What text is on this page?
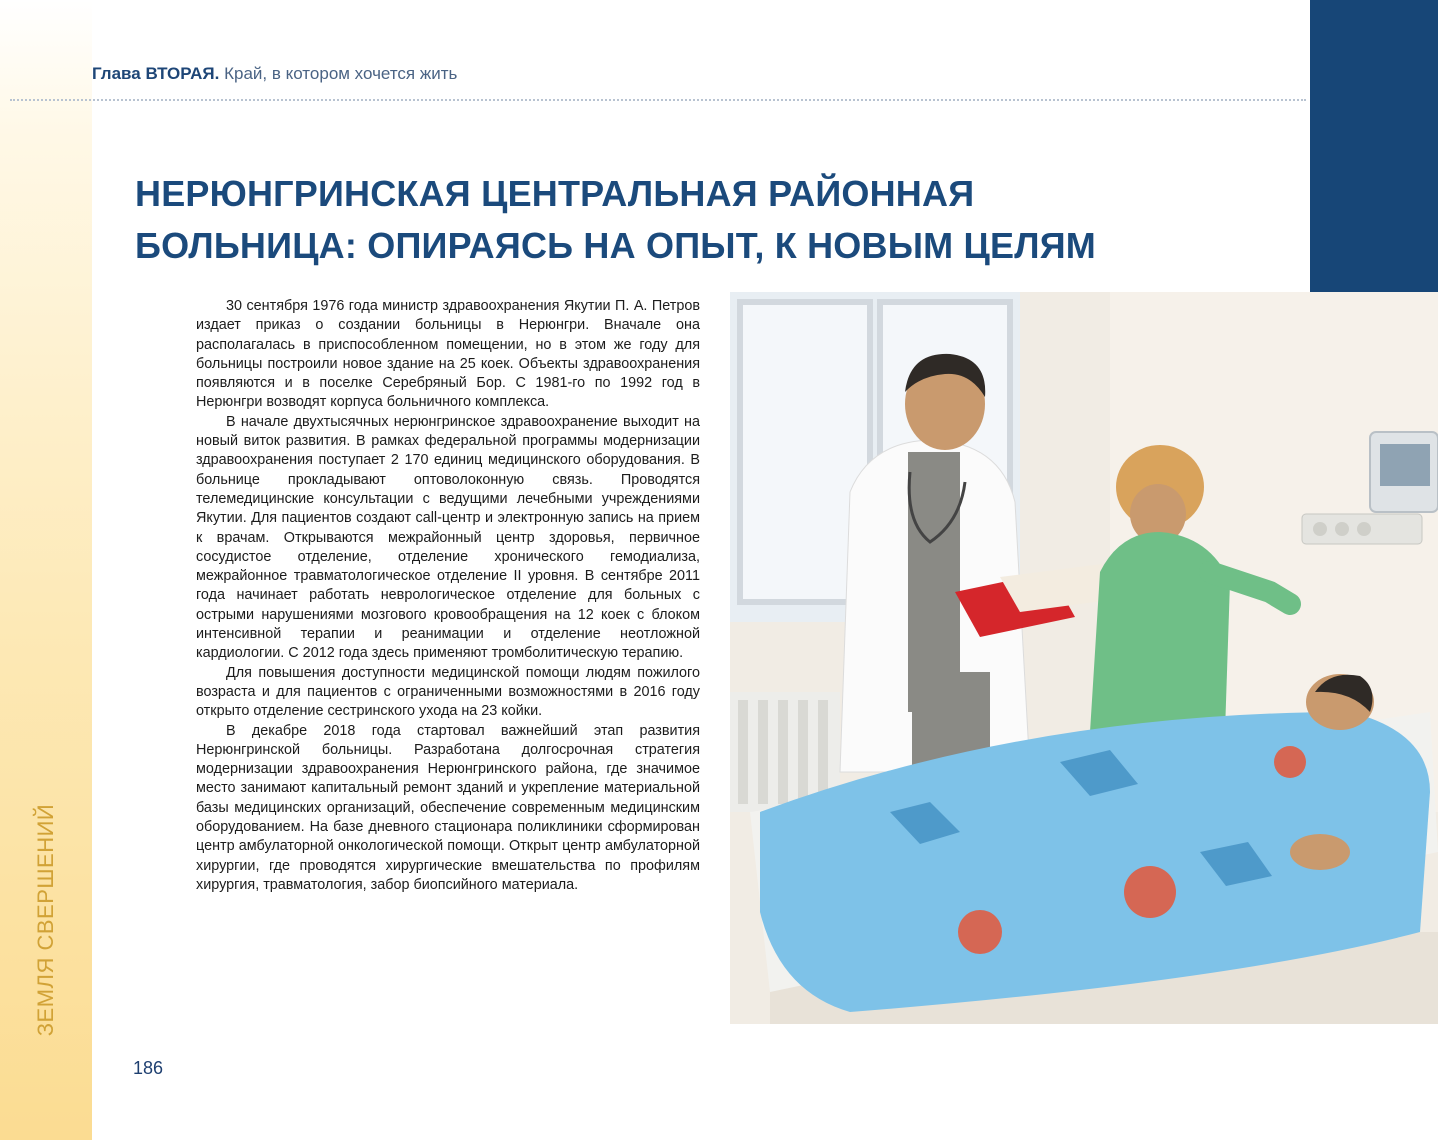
ЗЕМЛЯ СВЕРШЕНИЙ
186
Глава ВТОРАЯ. Край, в котором хочется жить
НЕРЮНГРИНСКАЯ ЦЕНТРАЛЬНАЯ РАЙОННАЯ
БОЛЬНИЦА: ОПИРАЯСЬ НА ОПЫТ, К НОВЫМ ЦЕЛЯМ

30 сентября 1976 года министр здравоохранения Якутии П. А. Петров издает приказ о создании больницы в Нерюнгри. Вначале она располагалась в приспособленном помещении, но в этом же году для больницы построили новое здание на 25 коек. Объекты здравоохранения появляются и в поселке Серебряный Бор. С 1981-го по 1992 год в Нерюнгри возводят корпуса больничного комплекса.

В начале двухтысячных нерюнгринское здравоохранение выходит на новый виток развития. В рамках федеральной программы модернизации здравоохранения поступает 2 170 единиц медицинского оборудования. В больнице прокладывают оптоволоконную связь. Проводятся телемедицинские консультации с ведущими лечебными учреждениями Якутии. Для пациентов создают call-центр и электронную запись на прием к врачам. Открываются межрайонный центр здоровья, первичное сосудистое отделение, отделение хронического гемодиализа, межрайонное травматологическое отделение II уровня. В сентябре 2011 года начинает работать неврологическое отделение для больных с острыми нарушениями мозгового кровообращения на 12 коек с блоком интенсивной терапии и реанимации и отделение неотложной кардиологии. С 2012 года здесь применяют тромболитическую терапию.

Для повышения доступности медицинской помощи людям пожилого возраста и для пациентов с ограниченными возможностями в 2016 году открыто отделение сестринского ухода на 23 койки.

В декабре 2018 года стартовал важнейший этап развития Нерюнгринской больницы. Разработана долгосрочная стратегия модернизации здравоохранения Нерюнгринского района, где значимое место занимают капитальный ремонт зданий и укрепление материальной базы медицинских организаций, обеспечение современным медицинским оборудованием. На базе дневного стационара поликлиники сформирован центр амбулаторной онкологической помощи. Открыт центр амбулаторной хирургии, где проводятся хирургические вмешательства по профилям хирургия, травматология, забор биопсийного материала.
